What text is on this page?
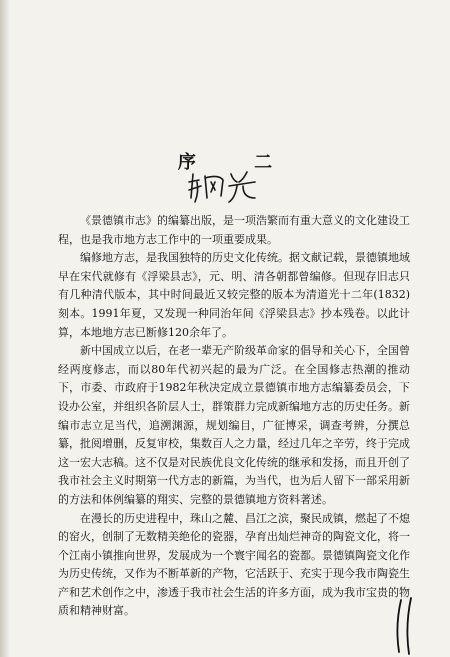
序 二

《景德镇市志》的编纂出版，是一项浩繁而有重大意义的文化建设工程，也是我市地方志工作中的一项重要成果。

编修地方志，是我国独特的历史文化传统。据文献记载，景德镇地域早在宋代就修有《浮梁县志》，元、明、清各朝都曾编修。但现存旧志只有几种清代版本，其中时间最近又较完整的版本为清道光十二年(1832)刻本。1991年夏，又发现一种同治年间《浮梁县志》抄本残卷。以此计算，本地地方志已断修120余年了。

新中国成立以后，在老一辈无产阶级革命家的倡导和关心下，全国曾经两度修志，而以80年代初兴起的最为广泛。在全国修志热潮的推动下，市委、市政府于1982年秋决定成立景德镇市地方志编纂委员会，下设办公室，并组织各阶层人士，群策群力完成新编地方志的历史任务。新编市志立足当代，追溯渊源，规划编目，广征博采，调查考辨，分撰总纂，批阅增删，反复审校，集数百人之力量，经过几年之辛劳，终于完成这一宏大志稿。这不仅是对民族优良文化传统的继承和发扬，而且开创了我市社会主义时期第一代方志的新篇，为当代，也为后人留下一部采用新的方法和体例编纂的翔实、完整的景德镇地方资料著述。

在漫长的历史进程中，珠山之麓、昌江之滨，聚民成镇，燃起了不熄的窑火，创制了无数精美绝伦的瓷器，孕育出灿烂神奇的陶瓷文化，将一个江南小镇推向世界，发展成为一个寰宇闻名的瓷都。景德镇陶瓷文化作为历史传统，又作为不断革新的产物，它活跃于、充实于现今我市陶瓷生产和艺术创作之中，渗透于我市社会生活的许多方面，成为我市宝贵的物质和精神财富。
